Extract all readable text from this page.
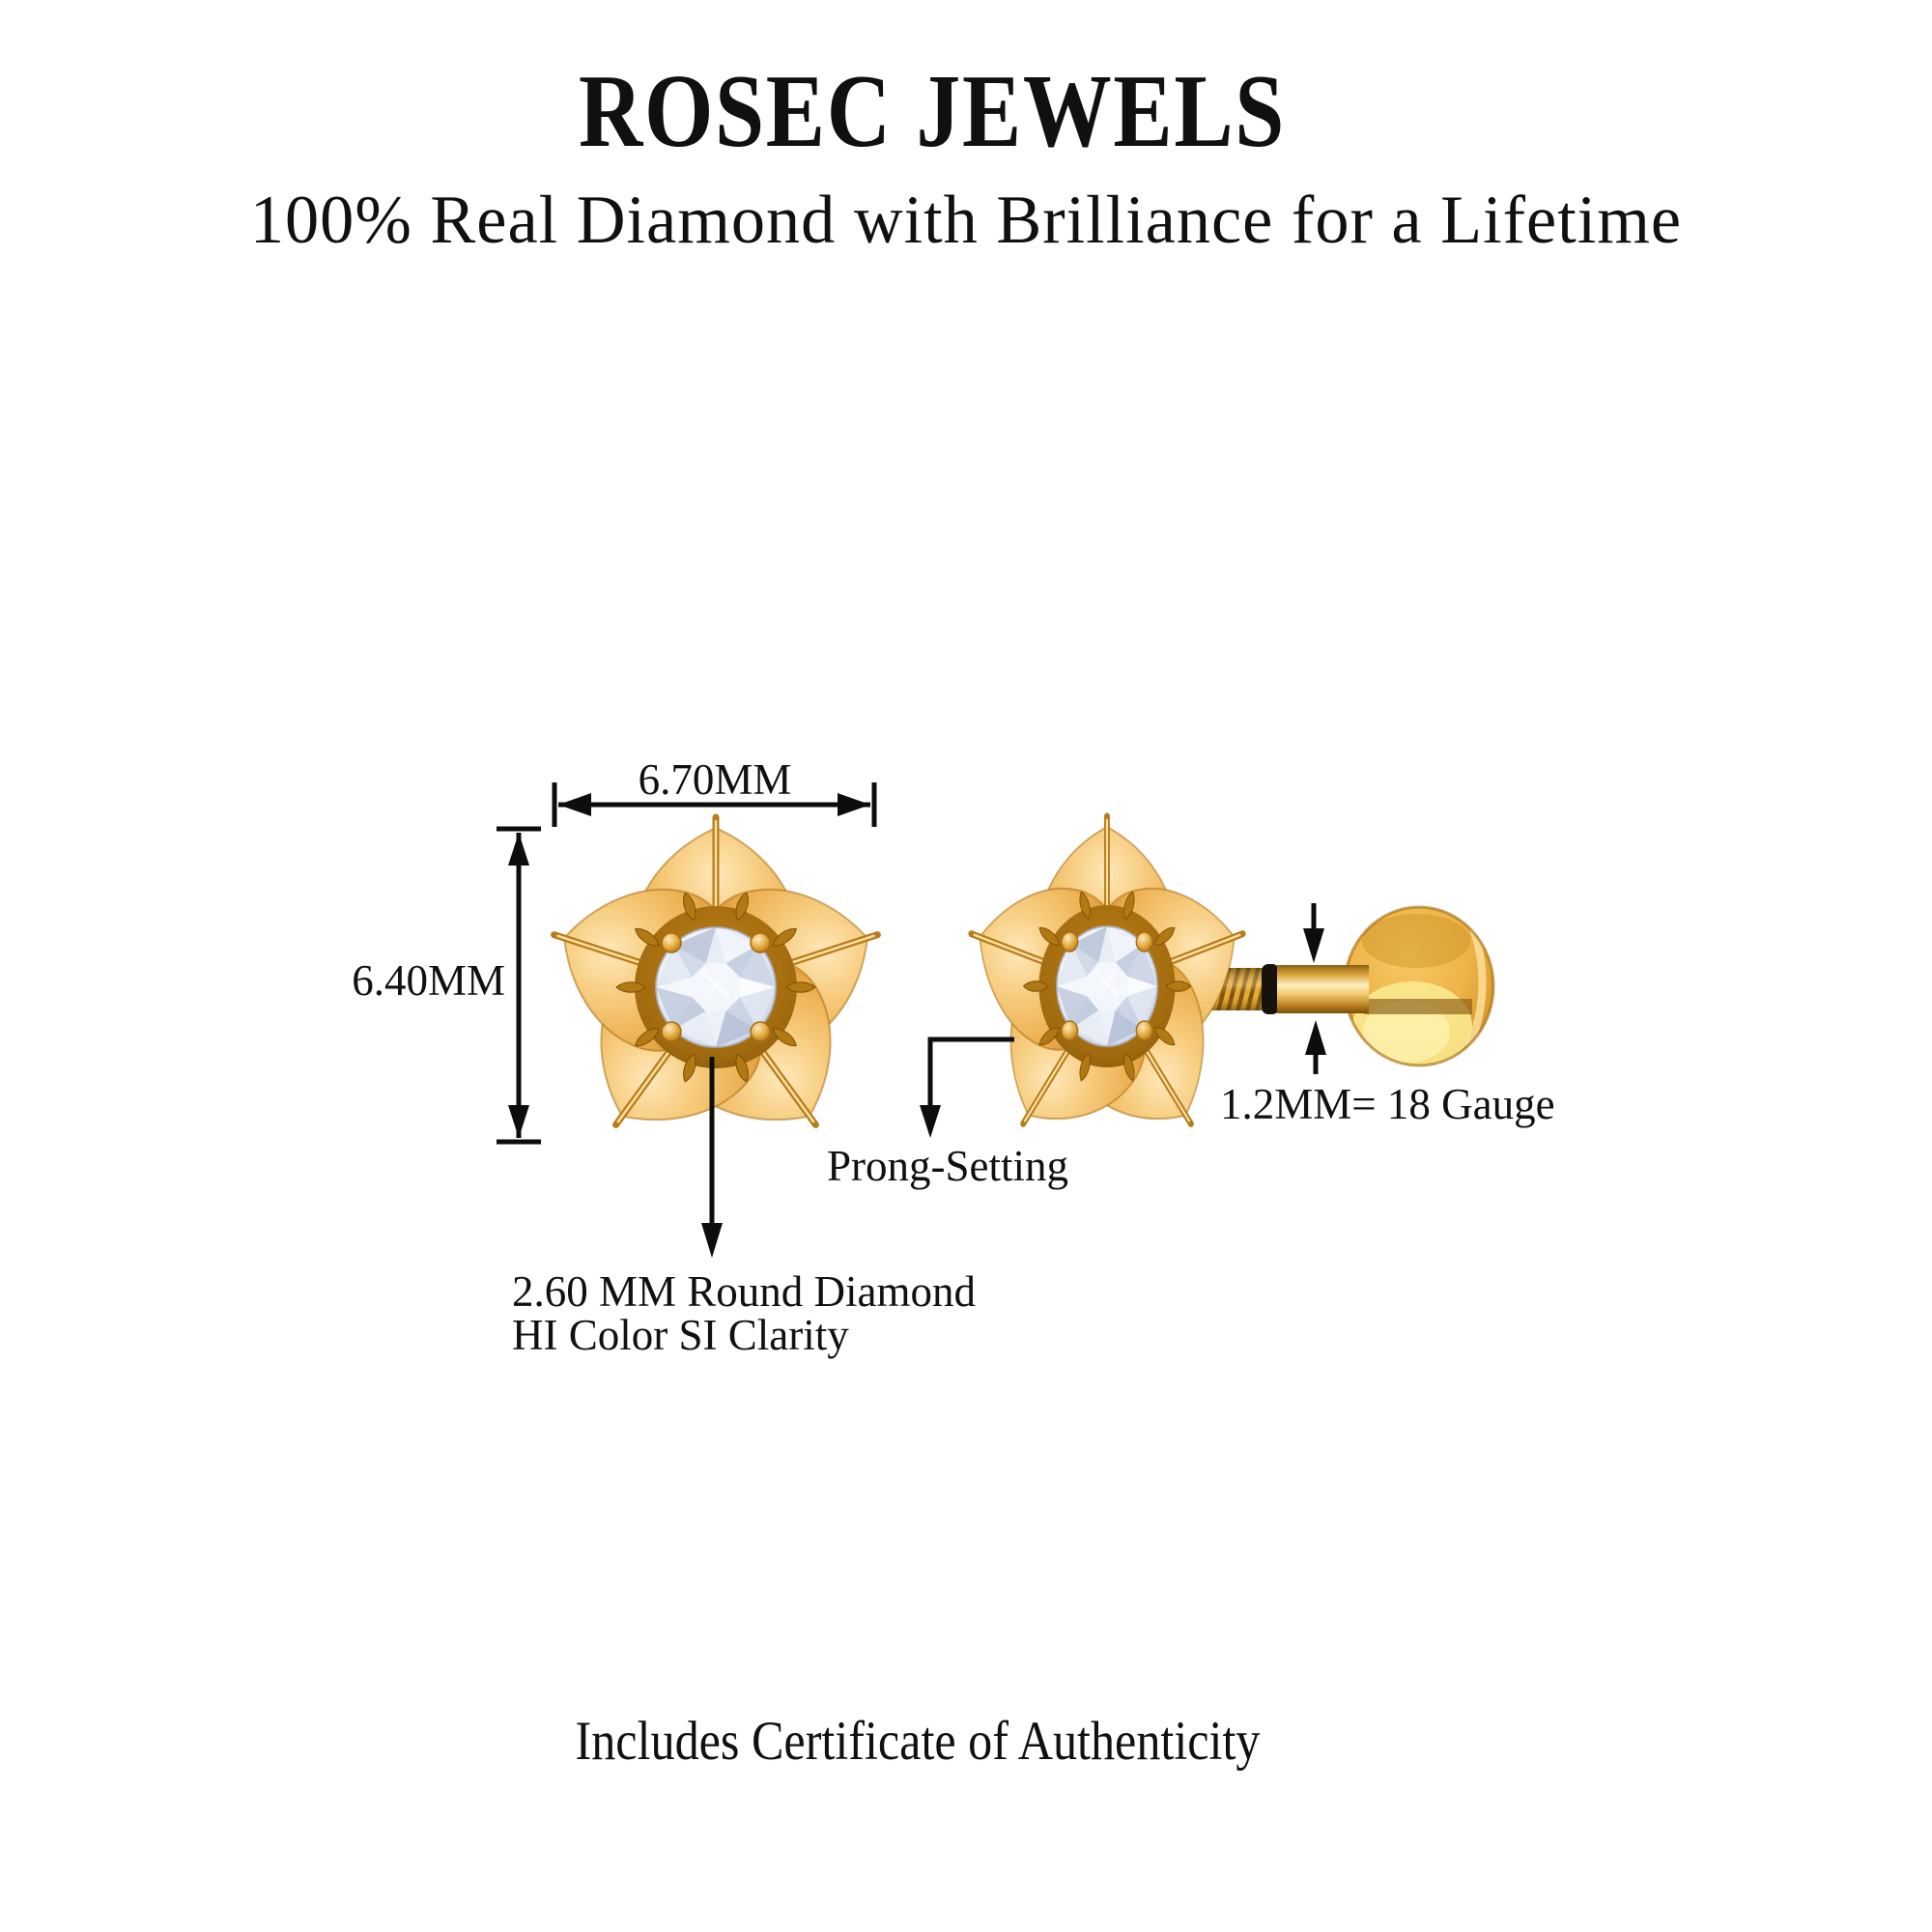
ROSEC JEWELS
100% Real Diamond with Brilliance for a Lifetime
Includes Certificate of Authenticity
6.70MM
6.40MM
2.60 MM Round Diamond
HI Color SI Clarity
1.2MM= 18 Gauge
Prong-Setting
